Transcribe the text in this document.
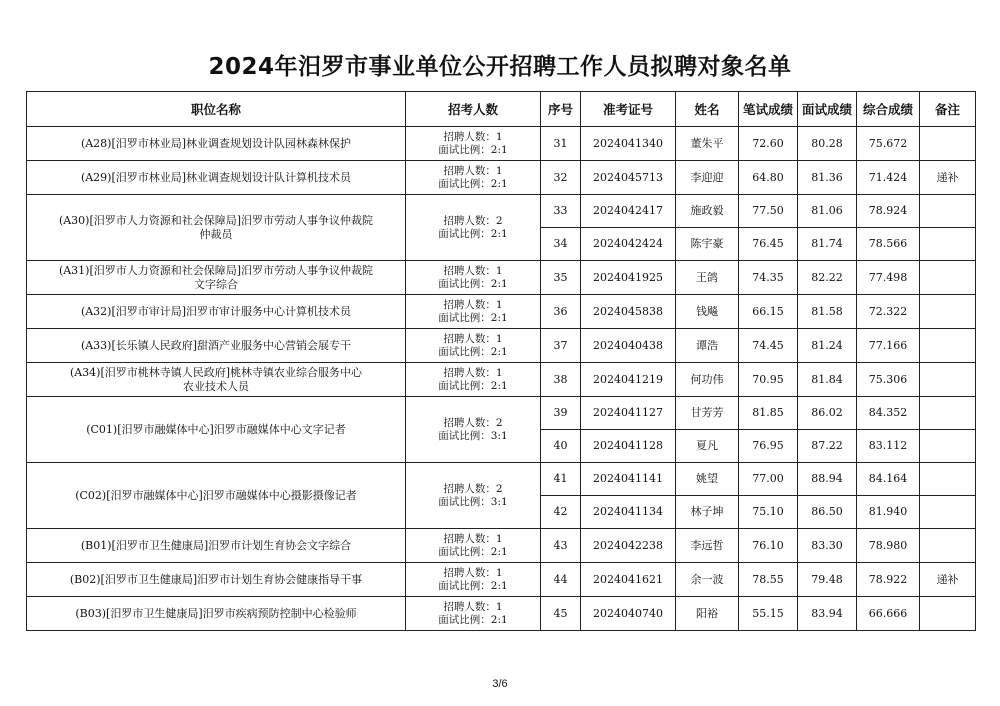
2024年汨罗市事业单位公开招聘工作人员拟聘对象名单
职位名称	招考人数	序号	准考证号	姓名	笔试成绩	面试成绩	综合成绩	备注
(A28)[汨罗市林业局]林业调查规划设计队园林森林保护	招聘人数：1
面试比例：2:1	31	2024041340	董朱平	72.60	80.28	75.672	
(A29)[汨罗市林业局]林业调查规划设计队计算机技术员	招聘人数：1
面试比例：2:1	32	2024045713	李迎迎	64.80	81.36	71.424	递补
(A30)[汨罗市人力资源和社会保障局]汨罗市劳动人事争议仲裁院
仲裁员	招聘人数：2
面试比例：2:1	33	2024042417	施政毅	77.50	81.06	78.924	
		34	2024042424	陈宇豪	76.45	81.74	78.566	
(A31)[汨罗市人力资源和社会保障局]汨罗市劳动人事争议仲裁院
文字综合	招聘人数：1
面试比例：2:1	35	2024041925	王鸽	74.35	82.22	77.498	
(A32)[汨罗市审计局]汨罗市审计服务中心计算机技术员	招聘人数：1
面试比例：2:1	36	2024045838	钱飚	66.15	81.58	72.322	
(A33)[长乐镇人民政府]甜酒产业服务中心营销会展专干	招聘人数：1
面试比例：2:1	37	2024040438	谭浩	74.45	81.24	77.166	
(A34)[汨罗市桃林寺镇人民政府]桃林寺镇农业综合服务中心
农业技术人员	招聘人数：1
面试比例：2:1	38	2024041219	何功伟	70.95	81.84	75.306	
(C01)[汨罗市融媒体中心]汨罗市融媒体中心文字记者	招聘人数：2
面试比例：3:1	39	2024041127	甘芳芳	81.85	86.02	84.352	
		40	2024041128	夏凡	76.95	87.22	83.112	
(C02)[汨罗市融媒体中心]汨罗市融媒体中心摄影摄像记者	招聘人数：2
面试比例：3:1	41	2024041141	姚望	77.00	88.94	84.164	
		42	2024041134	林子坤	75.10	86.50	81.940	
(B01)[汨罗市卫生健康局]汨罗市计划生育协会文字综合	招聘人数：1
面试比例：2:1	43	2024042238	李远哲	76.10	83.30	78.980	
(B02)[汨罗市卫生健康局]汨罗市计划生育协会健康指导干事	招聘人数：1
面试比例：2:1	44	2024041621	余一波	78.55	79.48	78.922	递补
(B03)[汨罗市卫生健康局]汨罗市疾病预防控制中心检验师	招聘人数：1
面试比例：2:1	45	2024040740	阳裕	55.15	83.94	66.666	
3/6
